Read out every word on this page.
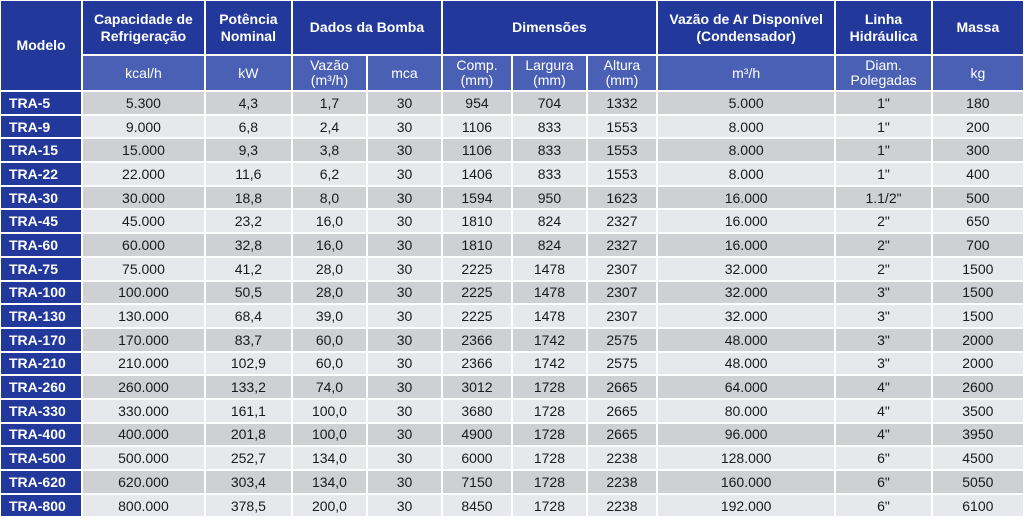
Modelo	Capacidade de Refrigeração	Potência Nominal	Dados da Bomba		Dimensões			Vazão de Ar Disponível (Condensador)	Linha Hidráulica	Massa
	kcal/h	kW	Vazão (m³/h)	mca	Comp. (mm)	Largura (mm)	Altura (mm)	m³/h	Diam. Polegadas	kg
TRA-5	5.300	4,3	1,7	30	954	704	1332	5.000	1"	180
TRA-9	9.000	6,8	2,4	30	1106	833	1553	8.000	1"	200
TRA-15	15.000	9,3	3,8	30	1106	833	1553	8.000	1"	300
TRA-22	22.000	11,6	6,2	30	1406	833	1553	8.000	1"	400
TRA-30	30.000	18,8	8,0	30	1594	950	1623	16.000	1.1/2"	500
TRA-45	45.000	23,2	16,0	30	1810	824	2327	16.000	2"	650
TRA-60	60.000	32,8	16,0	30	1810	824	2327	16.000	2"	700
TRA-75	75.000	41,2	28,0	30	2225	1478	2307	32.000	2"	1500
TRA-100	100.000	50,5	28,0	30	2225	1478	2307	32.000	3"	1500
TRA-130	130.000	68,4	39,0	30	2225	1478	2307	32.000	3"	1500
TRA-170	170.000	83,7	60,0	30	2366	1742	2575	48.000	3"	2000
TRA-210	210.000	102,9	60,0	30	2366	1742	2575	48.000	3"	2000
TRA-260	260.000	133,2	74,0	30	3012	1728	2665	64.000	4"	2600
TRA-330	330.000	161,1	100,0	30	3680	1728	2665	80.000	4"	3500
TRA-400	400.000	201,8	100,0	30	4900	1728	2665	96.000	4"	3950
TRA-500	500.000	252,7	134,0	30	6000	1728	2238	128.000	6"	4500
TRA-620	620.000	303,4	134,0	30	7150	1728	2238	160.000	6"	5050
TRA-800	800.000	378,5	200,0	30	8450	1728	2238	192.000	6"	6100
